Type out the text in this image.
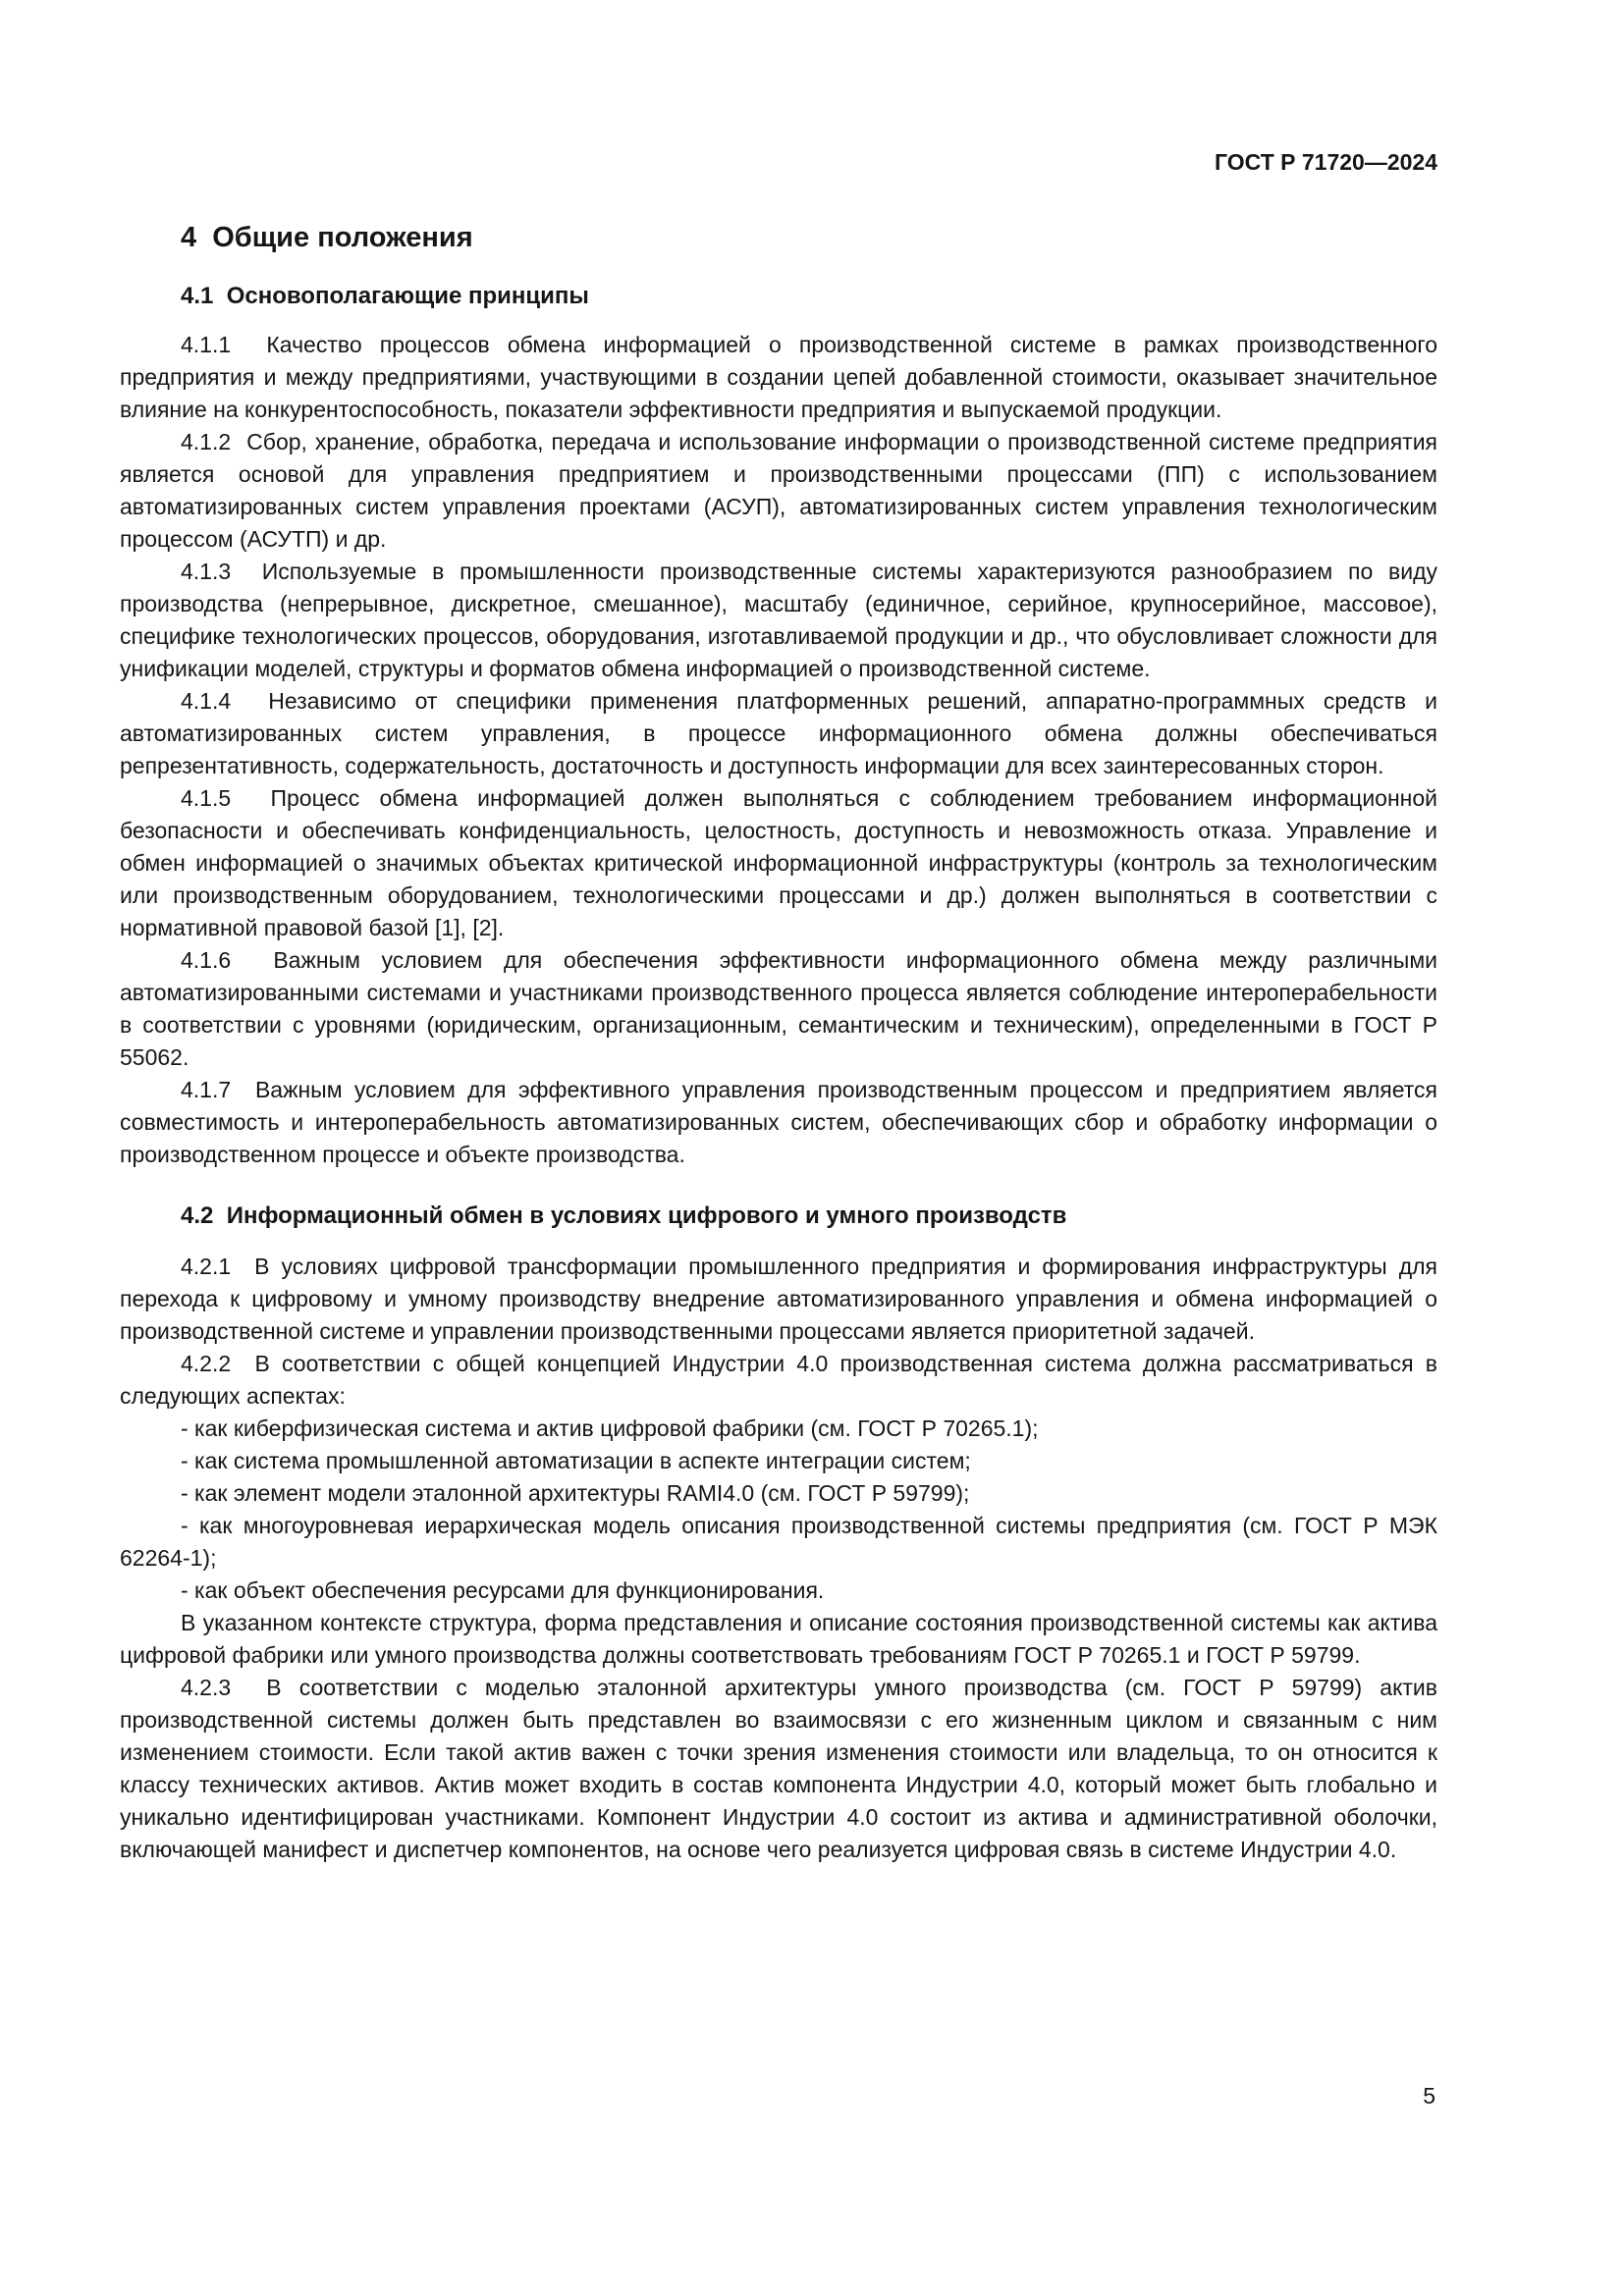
ГОСТ Р 71720—2024
4  Общие положения
4.1  Основополагающие принципы

4.1.1  Качество процессов обмена информацией о производственной системе в рамках производственного предприятия и между предприятиями, участвующими в создании цепей добавленной стоимости, оказывает значительное влияние на конкурентоспособность, показатели эффективности предприятия и выпускаемой продукции.

4.1.2  Сбор, хранение, обработка, передача и использование информации о производственной системе предприятия является основой для управления предприятием и производственными процессами (ПП) с использованием автоматизированных систем управления проектами (АСУП), автоматизированных систем управления технологическим процессом (АСУТП) и др.

4.1.3  Используемые в промышленности производственные системы характеризуются разнообразием по виду производства (непрерывное, дискретное, смешанное), масштабу (единичное, серийное, крупносерийное, массовое), специфике технологических процессов, оборудования, изготавливаемой продукции и др., что обусловливает сложности для унификации моделей, структуры и форматов обмена информацией о производственной системе.

4.1.4  Независимо от специфики применения платформенных решений, аппаратно-программных средств и автоматизированных систем управления, в процессе информационного обмена должны обеспечиваться репрезентативность, содержательность, достаточность и доступность информации для всех заинтересованных сторон.

4.1.5  Процесс обмена информацией должен выполняться с соблюдением требованием информационной безопасности и обеспечивать конфиденциальность, целостность, доступность и невозможность отказа. Управление и обмен информацией о значимых объектах критической информационной инфраструктуры (контроль за технологическим или производственным оборудованием, технологическими процессами и др.) должен выполняться в соответствии с нормативной правовой базой [1], [2].

4.1.6  Важным условием для обеспечения эффективности информационного обмена между различными автоматизированными системами и участниками производственного процесса является соблюдение интероперабельности в соответствии с уровнями (юридическим, организационным, семантическим и техническим), определенными в ГОСТ Р 55062.

4.1.7  Важным условием для эффективного управления производственным процессом и предприятием является совместимость и интероперабельность автоматизированных систем, обеспечивающих сбор и обработку информации о производственном процессе и объекте производства.

4.2  Информационный обмен в условиях цифрового и умного производств

4.2.1  В условиях цифровой трансформации промышленного предприятия и формирования инфраструктуры для перехода к цифровому и умному производству внедрение автоматизированного управления и обмена информацией о производственной системе и управлении производственными процессами является приоритетной задачей.

4.2.2  В соответствии с общей концепцией Индустрии 4.0 производственная система должна рассматриваться в следующих аспектах:

- как киберфизическая система и актив цифровой фабрики (см. ГОСТ Р 70265.1);

- как система промышленной автоматизации в аспекте интеграции систем;

- как элемент модели эталонной архитектуры RAMI4.0 (см. ГОСТ Р 59799);

- как многоуровневая иерархическая модель описания производственной системы предприятия (см. ГОСТ Р МЭК 62264-1);

- как объект обеспечения ресурсами для функционирования.

В указанном контексте структура, форма представления и описание состояния производственной системы как актива цифровой фабрики или умного производства должны соответствовать требованиям ГОСТ Р 70265.1 и ГОСТ Р 59799.

4.2.3  В соответствии с моделью эталонной архитектуры умного производства (см. ГОСТ Р 59799) актив производственной системы должен быть представлен во взаимосвязи с его жизненным циклом и связанным с ним изменением стоимости. Если такой актив важен с точки зрения изменения стоимости или владельца, то он относится к классу технических активов. Актив может входить в состав компонента Индустрии 4.0, который может быть глобально и уникально идентифицирован участниками. Компонент Индустрии 4.0 состоит из актива и административной оболочки, включающей манифест и диспетчер компонентов, на основе чего реализуется цифровая связь в системе Индустрии 4.0.

5
